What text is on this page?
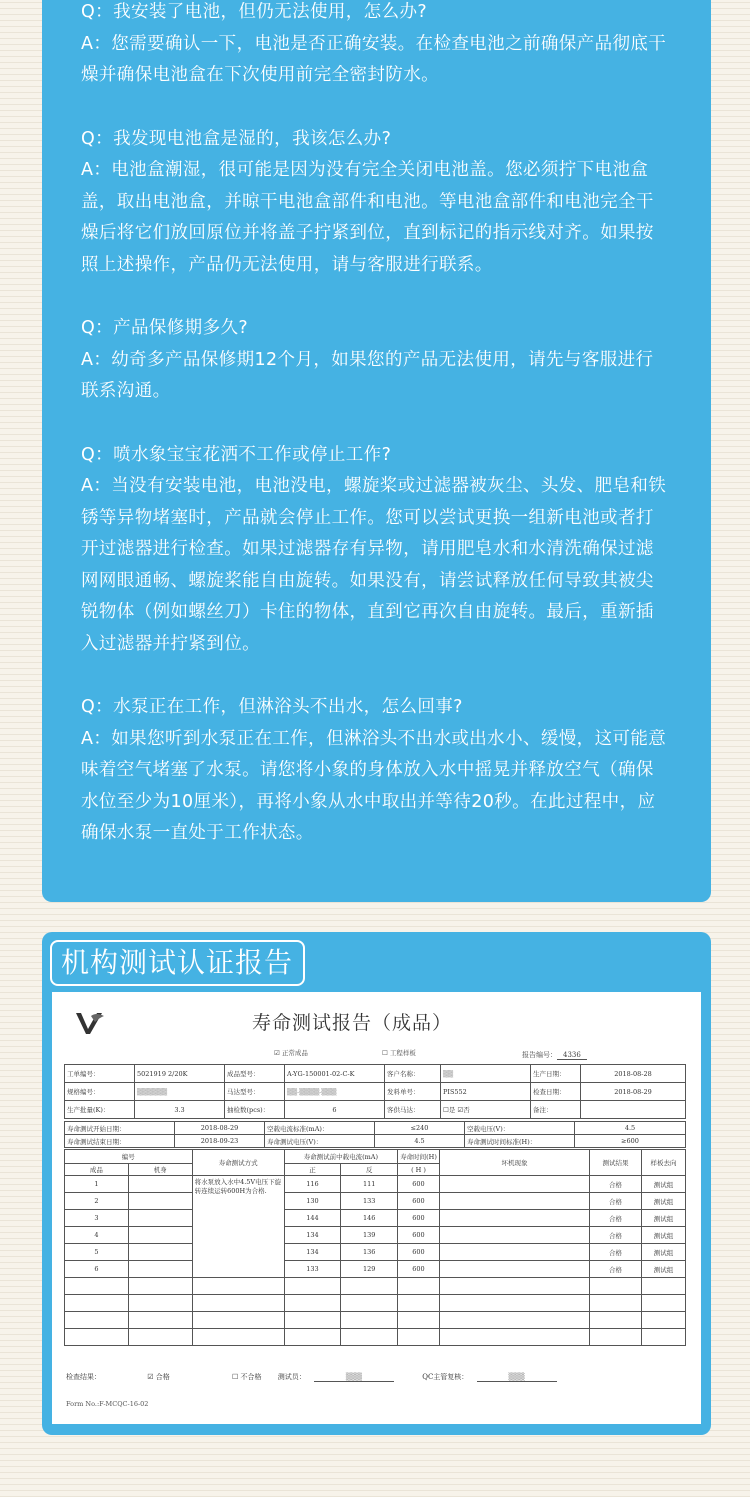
Q：我安装了电池，但仍无法使用，怎么办?
A：您需要确认一下，电池是否正确安装。在检查电池之前确保产品彻底干燥并确保电池盒在下次使用前完全密封防水。
Q：我发现电池盒是湿的，我该怎么办?
A：电池盒潮湿，很可能是因为没有完全关闭电池盖。您必须拧下电池盒盖，取出电池盒，并晾干电池盒部件和电池。等电池盒部件和电池完全干燥后将它们放回原位并将盖子拧紧到位，直到标记的指示线对齐。如果按照上述操作，产品仍无法使用，请与客服进行联系。
Q：产品保修期多久?
A：幼奇多产品保修期12个月，如果您的产品无法使用，请先与客服进行联系沟通。
Q：喷水象宝宝花洒不工作或停止工作?
A：当没有安装电池，电池没电，螺旋桨或过滤器被灰尘、头发、肥皂和铁锈等异物堵塞时，产品就会停止工作。您可以尝试更换一组新电池或者打开过滤器进行检查。如果过滤器存有异物，请用肥皂水和水清洗确保过滤网网眼通畅、螺旋桨能自由旋转。如果没有，请尝试释放任何导致其被尖锐物体（例如螺丝刀）卡住的物体，直到它再次自由旋转。最后，重新插入过滤器并拧紧到位。
Q：水泵正在工作，但淋浴头不出水，怎么回事?
A：如果您听到水泵正在工作，但淋浴头不出水或出水小、缓慢，这可能意味着空气堵塞了水泵。请您将小象的身体放入水中摇晃并释放空气（确保水位至少为10厘米），再将小象从水中取出并等待20秒。在此过程中，应确保水泵一直处于工作状态。
机构测试认证报告
寿命测试报告（成品）
☑ 正常成品	☐ 工程样板	报告编号： 4336
工单编号：	5021919 2/20K	成品型号：	A-YG-150001-02-C-K	客户名称：	▒▒	生产日期：	2018-08-28
规格编号：	▒▒▒▒▒▒	马达型号：	▒▒-▒▒▒▒-▒▒▒	发料单号：	PIS552	检查日期：	2018-08-29
生产批量(K)：	3.3	抽检数(pcs)：	6	客供马达：	☐是 ☑否	备注：	
寿命测试开始日期：	2018-08-29	空载电流标准(mA)：	≤240	空载电压(V)：	4.5
寿命测试结束日期：	2018-09-23	寿命测试电压(V)：	4.5	寿命测试时间标准(H)：	≥600
编号		寿命测试方式	寿命测试前中载电流(mA)		寿命时间(H)	坏机现象	测试结果	样板去向
成品	机身		正	反	( H )			
1		将水泵放入水中4.5V电压下旋转连续运转600H为合格.	116	111	600		合格	测试组
2			130	133	600		合格	测试组
3			144	146	600		合格	测试组
4			134	139	600		合格	测试组
5			134	136	600		合格	测试组
6			133	129	600		合格	测试组

检查结果：	☑ 合格	☐ 不合格 测试员：	▒▒▒	QC主管复核：	▒▒▒
Form No.:F-MCQC-16-02
